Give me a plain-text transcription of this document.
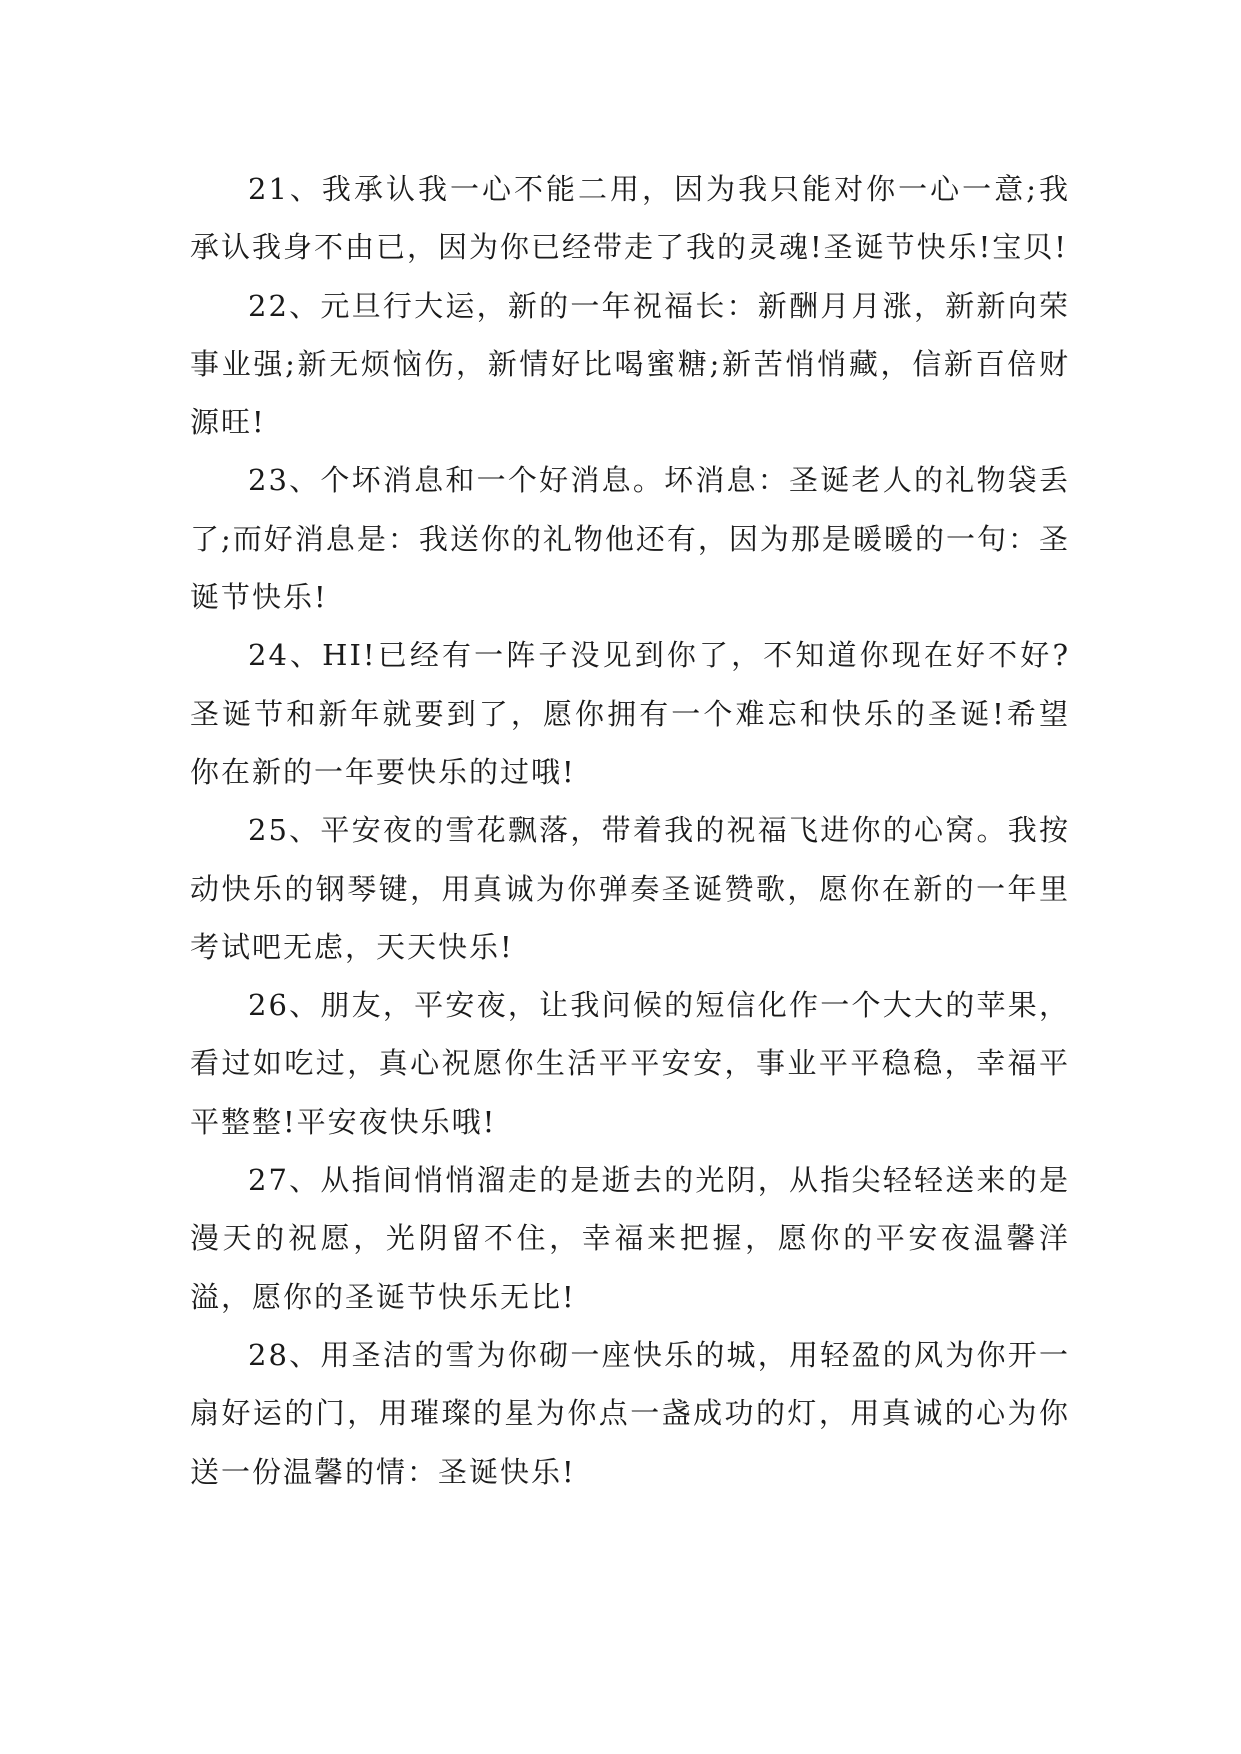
21、我承认我一心不能二用，因为我只能对你一心一意;我承认我身不由已，因为你已经带走了我的灵魂!圣诞节快乐!宝贝!

22、元旦行大运，新的一年祝福长：新酬月月涨，新新向荣事业强;新无烦恼伤，新情好比喝蜜糖;新苦悄悄藏，信新百倍财源旺!

23、个坏消息和一个好消息。坏消息：圣诞老人的礼物袋丢了;而好消息是：我送你的礼物他还有，因为那是暖暖的一句：圣诞节快乐!

24、HI!已经有一阵子没见到你了，不知道你现在好不好?圣诞节和新年就要到了，愿你拥有一个难忘和快乐的圣诞!希望你在新的一年要快乐的过哦!

25、平安夜的雪花飘落，带着我的祝福飞进你的心窝。我按动快乐的钢琴键，用真诚为你弹奏圣诞赞歌，愿你在新的一年里考试吧无虑，天天快乐!

26、朋友，平安夜，让我问候的短信化作一个大大的苹果，看过如吃过，真心祝愿你生活平平安安，事业平平稳稳，幸福平平整整!平安夜快乐哦!

27、从指间悄悄溜走的是逝去的光阴，从指尖轻轻送来的是漫天的祝愿，光阴留不住，幸福来把握，愿你的平安夜温馨洋溢，愿你的圣诞节快乐无比!

28、用圣洁的雪为你砌一座快乐的城，用轻盈的风为你开一扇好运的门，用璀璨的星为你点一盏成功的灯，用真诚的心为你送一份温馨的情：圣诞快乐!
